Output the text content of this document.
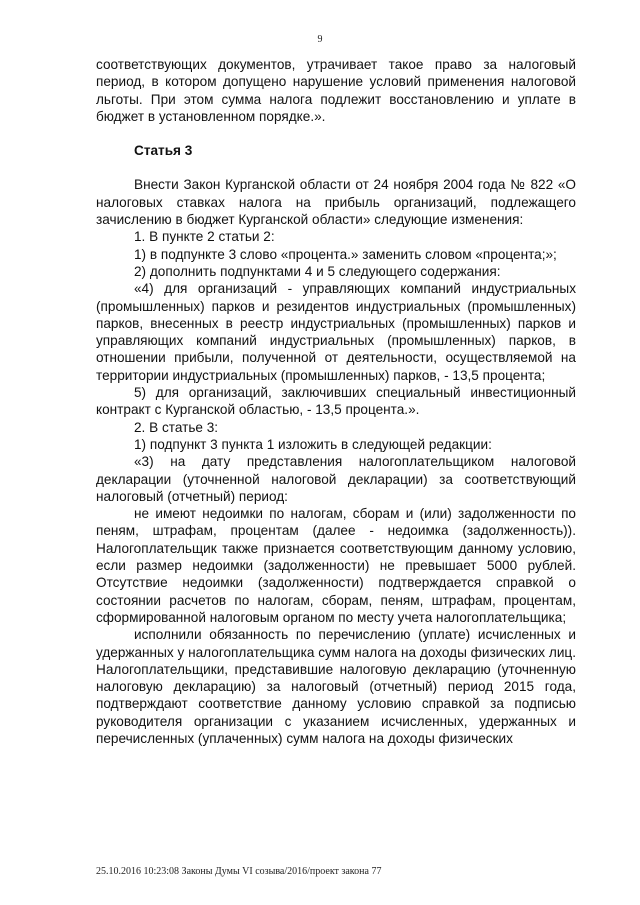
9

соответствующих документов, утрачивает такое право за налоговый период, в котором допущено нарушение условий применения налоговой льготы. При этом сумма налога подлежит восстановлению и уплате в бюджет в установленном порядке.».

Статья 3

Внести Закон Курганской области от 24 ноября 2004 года № 822 «О налоговых ставках налога на прибыль организаций, подлежащего зачислению в бюджет Курганской области» следующие изменения:

1. В пункте 2 статьи 2:

1) в подпункте 3 слово «процента.» заменить словом «процента;»;

2) дополнить подпунктами 4 и 5 следующего содержания:

«4) для организаций - управляющих компаний индустриальных (промышленных) парков и резидентов индустриальных (промышленных) парков, внесенных в реестр индустриальных (промышленных) парков и управляющих компаний индустриальных (промышленных) парков, в отношении прибыли, полученной от деятельности, осуществляемой на территории индустриальных (промышленных) парков, - 13,5 процента;

5) для организаций, заключивших специальный инвестиционный контракт с Курганской областью, - 13,5 процента.».

2. В статье 3:

1) подпункт 3 пункта 1 изложить в следующей редакции:

«3) на дату представления налогоплательщиком налоговой декларации (уточненной налоговой декларации) за соответствующий налоговый (отчетный) период:

не имеют недоимки по налогам, сборам и (или) задолженности по пеням, штрафам, процентам (далее - недоимка (задолженность)). Налогоплательщик также признается соответствующим данному условию, если размер недоимки (задолженности) не превышает 5000 рублей. Отсутствие недоимки (задолженности) подтверждается справкой о состоянии расчетов по налогам, сборам, пеням, штрафам, процентам, сформированной налоговым органом по месту учета налогоплательщика;

исполнили обязанность по перечислению (уплате) исчисленных и удержанных у налогоплательщика сумм налога на доходы физических лиц. Налогоплательщики, представившие налоговую декларацию (уточненную налоговую декларацию) за налоговый (отчетный) период 2015 года, подтверждают соответствие данному условию справкой за подписью руководителя организации с указанием исчисленных, удержанных и перечисленных (уплаченных) сумм налога на доходы физических

25.10.2016 10:23:08 Законы Думы VI созыва/2016/проект закона 77
